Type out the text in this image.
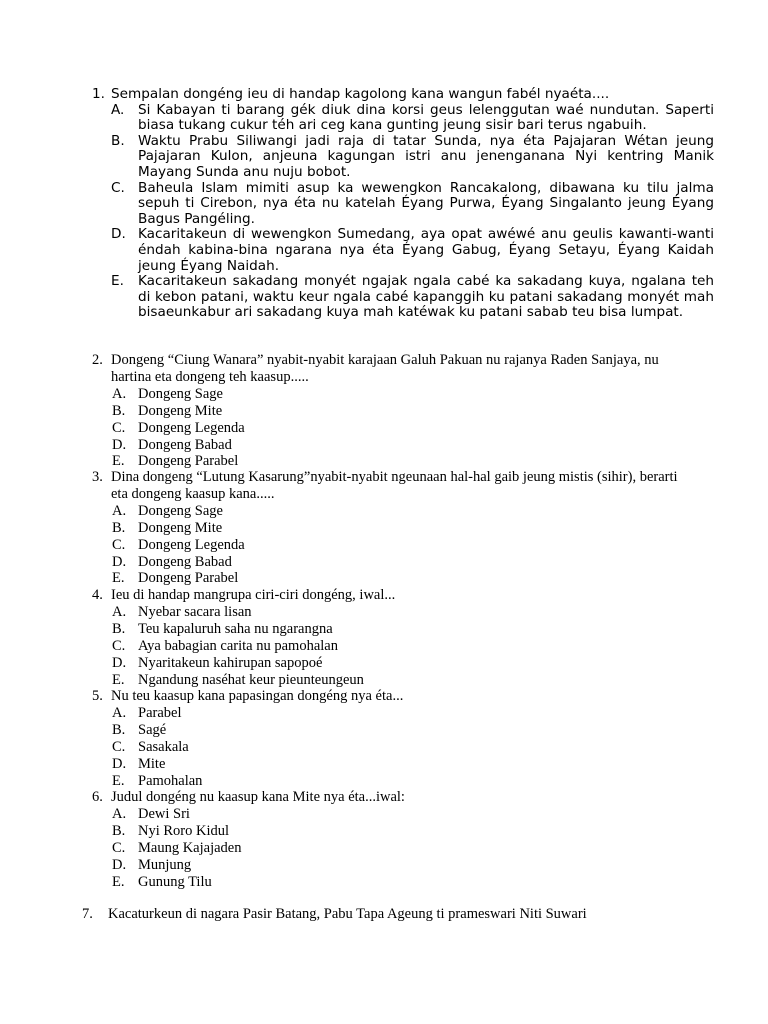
1. Sempalan dongéng ieu di handap kagolong kana wangun fabél nyaéta....
A. Si Kabayan ti barang gék diuk dina korsi geus lelenggutan waé nundutan. Saperti biasa tukang cukur téh ari ceg kana gunting jeung sisir bari terus ngabuih.
B. Waktu Prabu Siliwangi jadi raja di tatar Sunda, nya éta Pajajaran Wétan jeung Pajajaran Kulon, anjeuna kagungan istri anu jenenganana Nyi kentring Manik Mayang Sunda anu nuju bobot.
C. Baheula Islam mimiti asup ka wewengkon Rancakalong, dibawana ku tilu jalma sepuh ti Cirebon, nya éta nu katelah Éyang Purwa, Éyang Singalanto jeung Éyang Bagus Pangéling.
D. Kacaritakeun di wewengkon Sumedang, aya opat awéwé anu geulis kawanti-wanti éndah kabina-bina ngarana nya éta Éyang Gabug, Éyang Setayu, Éyang Kaidah jeung Éyang Naidah.
E. Kacaritakeun sakadang monyét ngajak ngala cabé ka sakadang kuya, ngalana teh di kebon patani, waktu keur ngala cabé kapanggih ku patani sakadang monyét mah bisaeunkabur ari sakadang kuya mah katéwak ku patani sabab teu bisa lumpat.
2. Dongeng “Ciung Wanara” nyabit-nyabit karajaan Galuh Pakuan nu rajanya Raden Sanjaya, nu hartina eta dongeng teh kaasup.....
A. Dongeng Sage
B. Dongeng Mite
C. Dongeng Legenda
D. Dongeng Babad
E. Dongeng Parabel
3. Dina dongeng “Lutung Kasarung”nyabit-nyabit ngeunaan hal-hal gaib jeung mistis (sihir), berarti eta dongeng kaasup kana.....
A. Dongeng Sage
B. Dongeng Mite
C. Dongeng Legenda
D. Dongeng Babad
E. Dongeng Parabel
4. Ieu di handap mangrupa ciri-ciri dongéng, iwal...
A. Nyebar sacara lisan
B. Teu kapaluruh saha nu ngarangna
C. Aya babagian carita nu pamohalan
D. Nyaritakeun kahirupan sapopoé
E. Ngandung naséhat keur pieunteungeun
5. Nu teu kaasup kana papasingan dongéng nya éta...
A. Parabel
B. Sagé
C. Sasakala
D. Mite
E. Pamohalan
6. Judul dongéng nu kaasup kana Mite nya éta...iwal:
A. Dewi Sri
B. Nyi Roro Kidul
C. Maung Kajajaden
D. Munjung
E. Gunung Tilu
7. Kacaturkeun di nagara Pasir Batang, Pabu Tapa Ageung ti prameswari Niti Suwari
